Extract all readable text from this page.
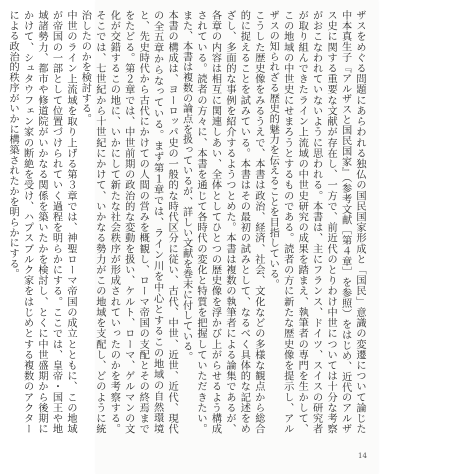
ザスをめぐる問題にあらわれる独仏の国民国家形成と「国民」意識の変遷について論じた中本真生子『アルザスと国民国家』（参考文献［第４章］を参照）をはじめ、近代のアルザス史に関する重要な文献が存在し、一方で、前近代のとりわけ中世については十分な考察がおこなわれていないように思われる。本書は、主にフランス、ドイツ、スイスの研究者が取り組んできたライン上流域の中世史研究の成果を踏まえ、執筆者の専門を生かして、この地域の中世史にせまろうとするものである。読者の方に新たな歴史像を提示し、アルザスの知られざる歴史的魅力を伝えることを目指している。

こうした歴史像をみるうえで、本書は政治、経済、社会、文化などの多様な観点から総合的に捉えることを試みている。本書はその最初の試みとして、なるべく具体的な記述をめざし、多面的な事例を紹介するようつとめた。本書は複数の執筆者による論集であるが、各章の内容は相互に関連しあい、全体としてひとつの歴史像を浮かび上がらせるよう構成されている。読者の方々に、本書を通じて各時代の変化と特質を把握していただきたい。また、本書は複数の論点を扱っているが、詳しい文献を巻末に付している。

本書の構成は、ヨーロッパ史の一般的な時代区分に従い、古代、中世、近世、近代、現代の全五章からなっている。まず第１章では、ライン川を中心とするこの地域の自然環境と、先史時代から古代にかけての人間の営みを概観し、ローマ帝国の支配とその終焉までをたどる。第２章では、中世前期の政治的な変動を扱い、ケルト、ローマ、ゲルマンの文化が交錯するこの地に、いかにして新たな社会秩序が形成されていったのかを考察する。そこでは、七世紀から十世紀にかけて、いかなる勢力がこの地域を支配し、どのように統治したのかを検討する。

中世のライン上流域を取り上げる第３章では、神聖ローマ帝国の成立とともに、この地域が帝国の一部として位置づけられていく過程を明らかにする。ここでは、皇帝・国王や地域諸勢力、都市や修道院がいかなる関係を築いたかを検討し、とくに中世盛期から後期にかけて、シュタウフェン家の断絶を受け、ハプスブルク家をはじめとする複数のアクターによる政治的秩序がいかに構築されたかを明らかにする。

14
